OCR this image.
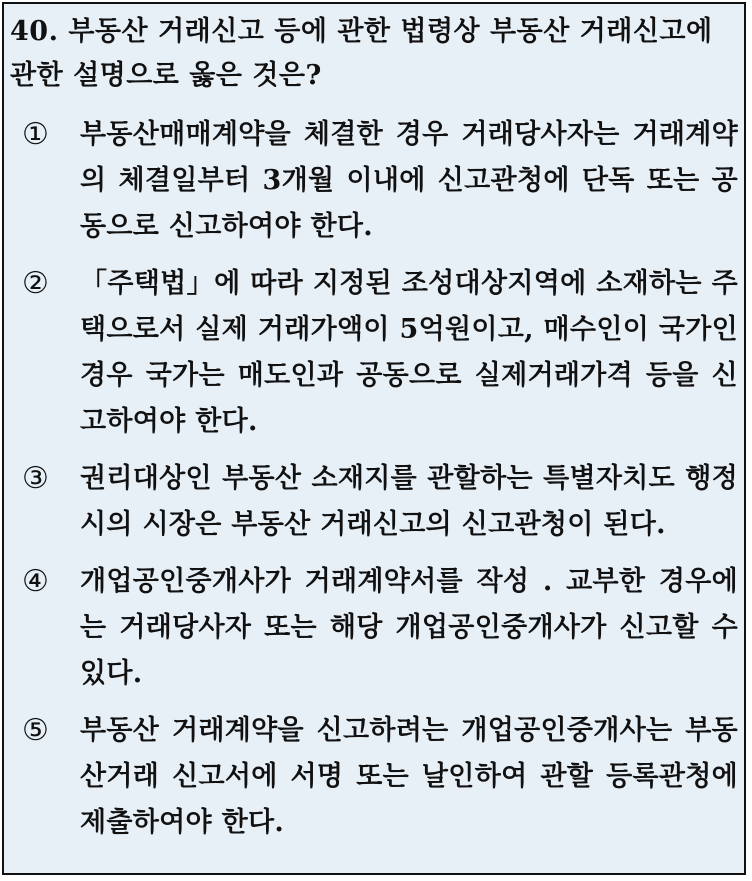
40. 부동산 거래신고 등에 관한 법령상 부동산 거래신고에 관한 설명으로 옳은 것은?
①	부동산매매계약을 체결한 경우 거래당사자는 거래계약의 체결일부터 3개월 이내에 신고관청에 단독 또는 공동으로 신고하여야 한다.
②	「주택법」에 따라 지정된 조성대상지역에 소재하는 주택으로서 실제 거래가액이 5억원이고, 매수인이 국가인 경우 국가는 매도인과 공동으로 실제거래가격 등을 신고하여야 한다.
③	권리대상인 부동산 소재지를 관할하는 특별자치도 행정시의 시장은 부동산 거래신고의 신고관청이 된다.
④	개업공인중개사가 거래계약서를 작성 . 교부한 경우에는 거래당사자 또는 해당 개업공인중개사가 신고할 수 있다.
⑤	부동산 거래계약을 신고하려는 개업공인중개사는 부동산거래 신고서에 서명 또는 날인하여 관할 등록관청에 제출하여야 한다.
